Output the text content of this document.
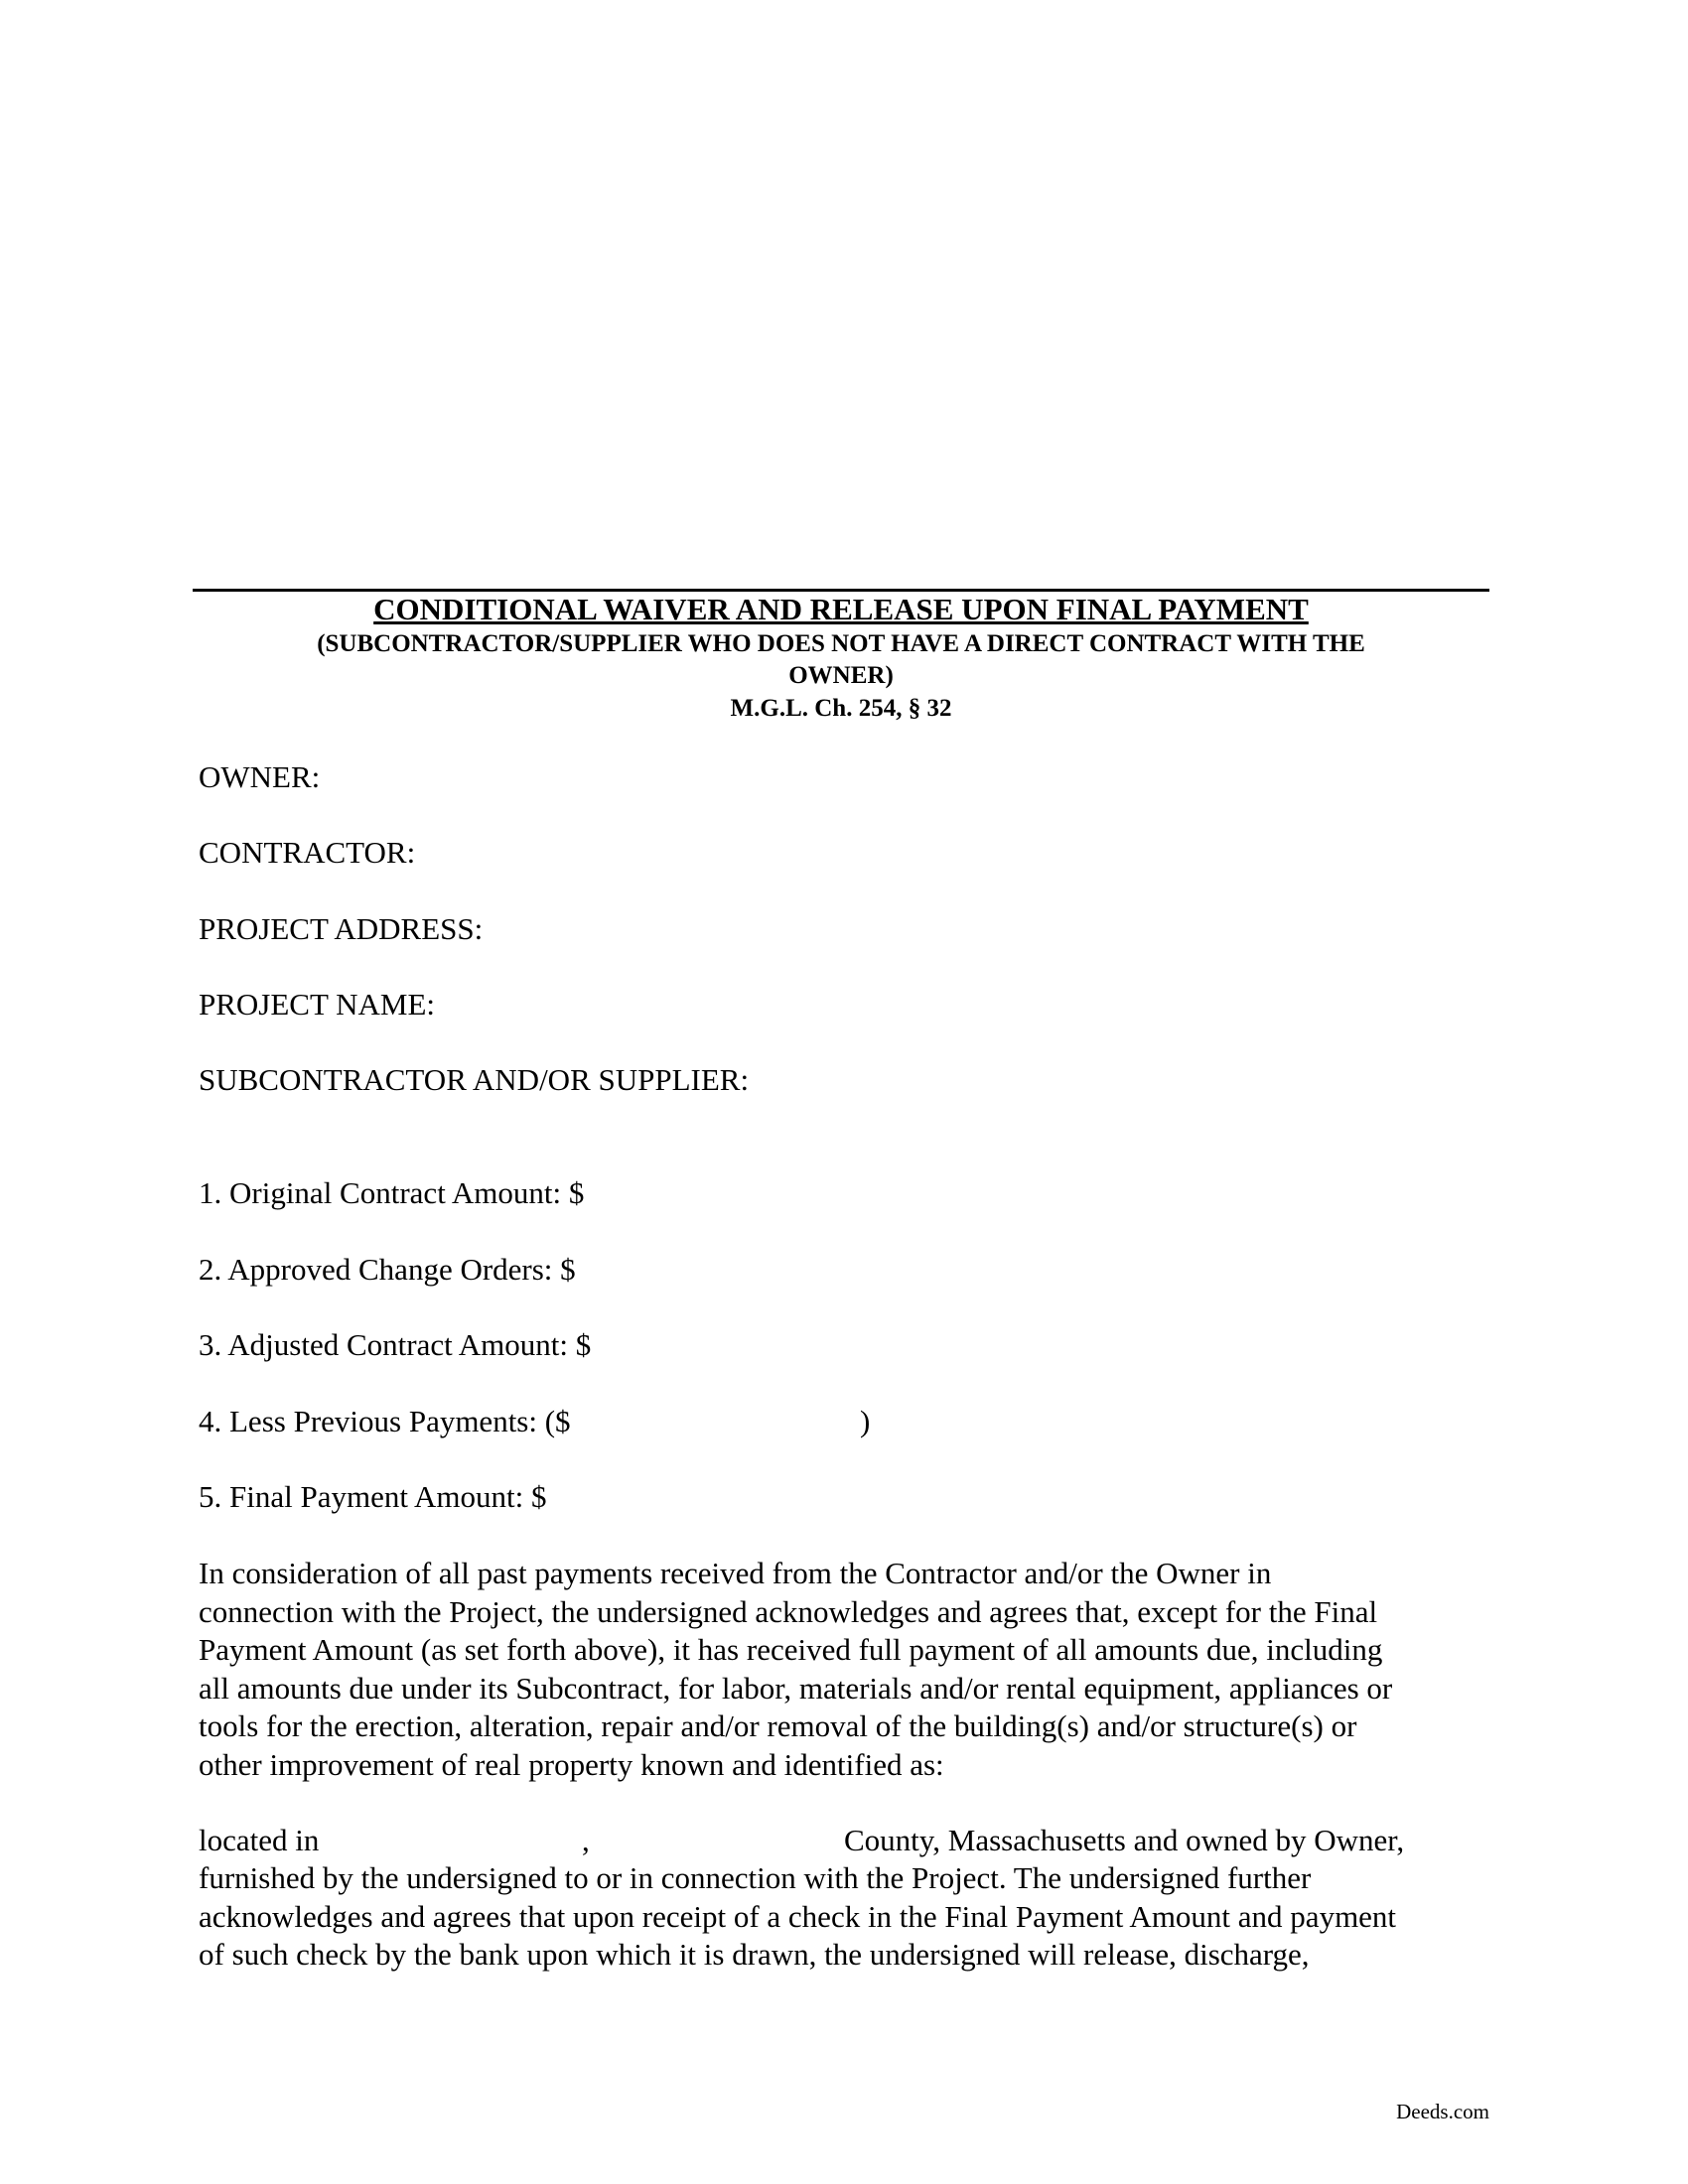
CONDITIONAL WAIVER AND RELEASE UPON FINAL PAYMENT

(SUBCONTRACTOR/SUPPLIER WHO DOES NOT HAVE A DIRECT CONTRACT WITH THE
OWNER)

M.G.L. Ch. 254, § 32

OWNER:
CONTRACTOR:
PROJECT ADDRESS:
PROJECT NAME:
SUBCONTRACTOR AND/OR SUPPLIER:
1. Original Contract Amount: $
2. Approved Change Orders: $
3. Adjusted Contract Amount: $
4. Less Previous Payments: ($	)
5. Final Payment Amount: $

In consideration of all past payments received from the Contractor and/or the Owner in

connection with the Project, the undersigned acknowledges and agrees that, except for the Final

Payment Amount (as set forth above), it has received full payment of all amounts due, including

all amounts due under its Subcontract, for labor, materials and/or rental equipment, appliances or

tools for the erection, alteration, repair and/or removal of the building(s) and/or structure(s) or

other improvement of real property known and identified as:

located in	,	County, Massachusetts and owned by Owner,

furnished by the undersigned to or in connection with the Project. The undersigned further

acknowledges and agrees that upon receipt of a check in the Final Payment Amount and payment

of such check by the bank upon which it is drawn, the undersigned will release, discharge,

Deeds.com
